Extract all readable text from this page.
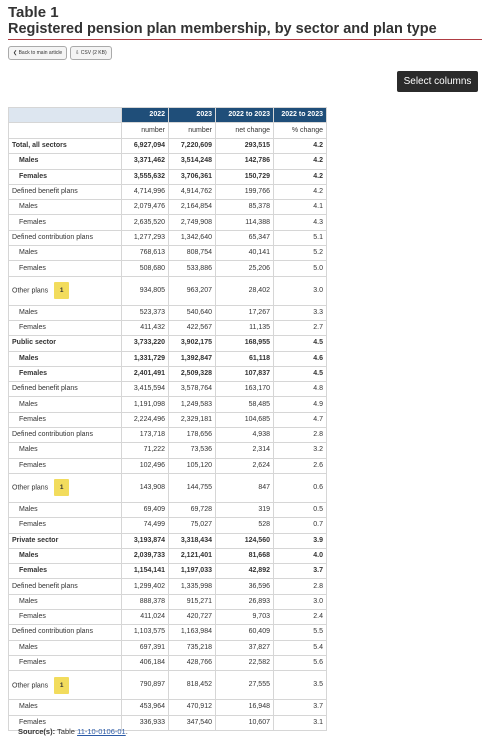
Table 1
Registered pension plan membership, by sector and plan type
❮ Back to main article	⇩ CSV (2 KB)
Select columns
	2022	2023	2022 to 2023	2022 to 2023
	number	number	net change	% change
Total, all sectors	6,927,094	7,220,609	293,515	4.2
Males	3,371,462	3,514,248	142,786	4.2
Females	3,555,632	3,706,361	150,729	4.2
Defined benefit plans	4,714,996	4,914,762	199,766	4.2
Males	2,079,476	2,164,854	85,378	4.1
Females	2,635,520	2,749,908	114,388	4.3
Defined contribution plans	1,277,293	1,342,640	65,347	5.1
Males	768,613	808,754	40,141	5.2
Females	508,680	533,886	25,206	5.0
Other plans 1	934,805	963,207	28,402	3.0
Males	523,373	540,640	17,267	3.3
Females	411,432	422,567	11,135	2.7
Public sector	3,733,220	3,902,175	168,955	4.5
Males	1,331,729	1,392,847	61,118	4.6
Females	2,401,491	2,509,328	107,837	4.5
Defined benefit plans	3,415,594	3,578,764	163,170	4.8
Males	1,191,098	1,249,583	58,485	4.9
Females	2,224,496	2,329,181	104,685	4.7
Defined contribution plans	173,718	178,656	4,938	2.8
Males	71,222	73,536	2,314	3.2
Females	102,496	105,120	2,624	2.6
Other plans 1	143,908	144,755	847	0.6
Males	69,409	69,728	319	0.5
Females	74,499	75,027	528	0.7
Private sector	3,193,874	3,318,434	124,560	3.9
Males	2,039,733	2,121,401	81,668	4.0
Females	1,154,141	1,197,033	42,892	3.7
Defined benefit plans	1,299,402	1,335,998	36,596	2.8
Males	888,378	915,271	26,893	3.0
Females	411,024	420,727	9,703	2.4
Defined contribution plans	1,103,575	1,163,984	60,409	5.5
Males	697,391	735,218	37,827	5.4
Females	406,184	428,766	22,582	5.6
Other plans 1	790,897	818,452	27,555	3.5
Males	453,964	470,912	16,948	3.7
Females	336,933	347,540	10,607	3.1
Source(s): Table 11-10-0106-01.
